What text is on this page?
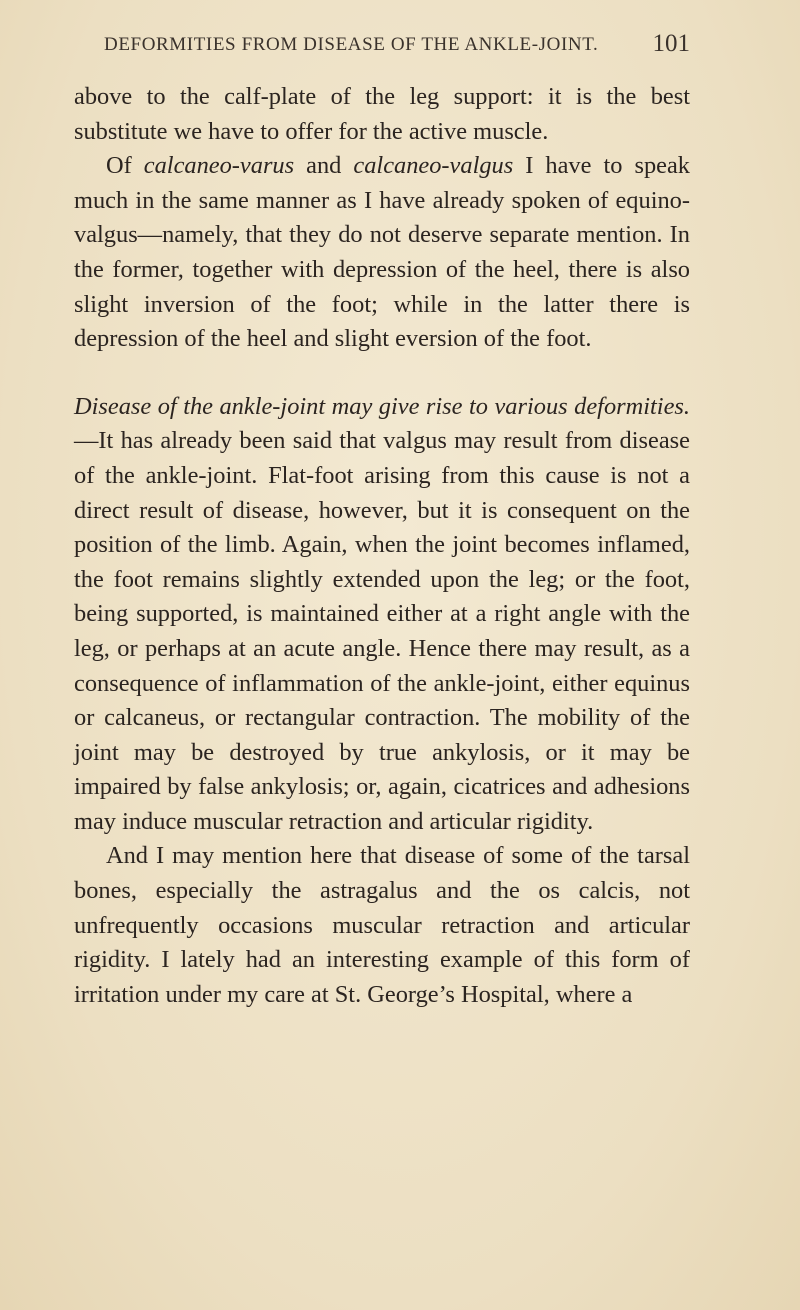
DEFORMITIES FROM DISEASE OF THE ANKLE-JOINT. 101

above to the calf-plate of the leg support: it is the best substitute we have to offer for the active muscle.

Of calcaneo-varus and calcaneo-valgus I have to speak much in the same manner as I have already spoken of equino-valgus—namely, that they do not deserve separate mention. In the former, together with depression of the heel, there is also slight inversion of the foot; while in the latter there is depression of the heel and slight eversion of the foot.

Disease of the ankle-joint may give rise to various deformities.—It has already been said that valgus may result from disease of the ankle-joint. Flat-foot arising from this cause is not a direct result of disease, however, but it is consequent on the position of the limb. Again, when the joint becomes inflamed, the foot remains slightly extended upon the leg; or the foot, being supported, is maintained either at a right angle with the leg, or perhaps at an acute angle. Hence there may result, as a consequence of inflammation of the ankle-joint, either equinus or calcaneus, or rectangular contraction. The mobility of the joint may be destroyed by true ankylosis, or it may be impaired by false ankylosis; or, again, cicatrices and adhesions may induce muscular retraction and articular rigidity.

And I may mention here that disease of some of the tarsal bones, especially the astragalus and the os calcis, not unfrequently occasions muscular retraction and articular rigidity. I lately had an interesting example of this form of irritation under my care at St. George’s Hospital, where a
